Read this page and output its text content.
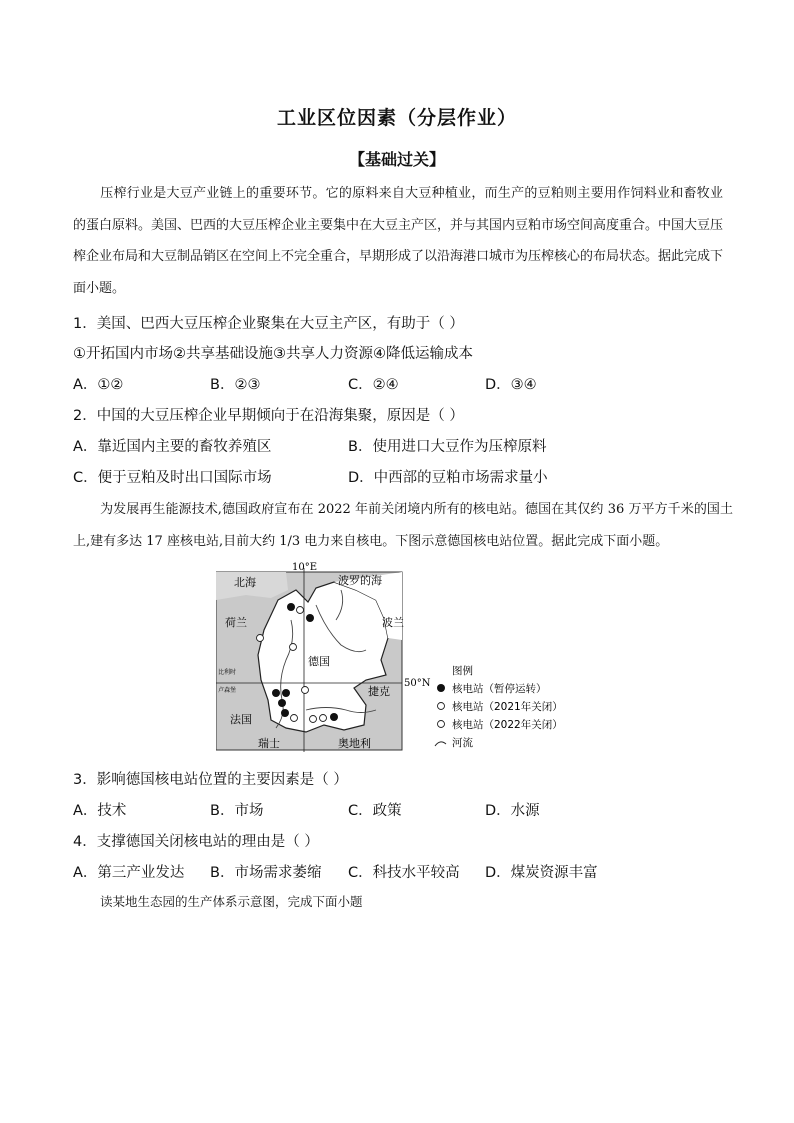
工业区位因素（分层作业）
【基础过关】
压榨行业是大豆产业链上的重要环节。它的原料来自大豆种植业，而生产的豆粕则主要用作饲料业和畜牧业的蛋白原料。美国、巴西的大豆压榨企业主要集中在大豆主产区，并与其国内豆粕市场空间高度重合。中国大豆压榨企业布局和大豆制品销区在空间上不完全重合，早期形成了以沿海港口城市为压榨核心的布局状态。据此完成下面小题。
1．美国、巴西大豆压榨企业聚集在大豆主产区，有助于（ ）
①开拓国内市场②共享基础设施③共享人力资源④降低运输成本
A．①②	B．②③	C．②④	D．③④
2．中国的大豆压榨企业早期倾向于在沿海集聚，原因是（ ）
A．靠近国内主要的畜牧养殖区	B．使用进口大豆作为压榨原料
C．便于豆粕及时出口国际市场	D．中西部的豆粕市场需求量小
为发展再生能源技术,德国政府宣布在 2022 年前关闭境内所有的核电站。德国在其仅约 36 万平方千米的国土上,建有多达 17 座核电站,目前大约 1/3 电力来自核电。下图示意德国核电站位置。据此完成下面小题。
北海	波罗的海
荷兰	波兰
德国
捷克
比利时
卢森堡
法国
瑞士	奥地利
10°E
50°N
图例
核电站（暂停运转）
核电站（2021年关闭）
核电站（2022年关闭）
河流
3．影响德国核电站位置的主要因素是（ ）
A．技术	B．市场	C．政策	D．水源
4．支撑德国关闭核电站的理由是（ ）
A．第三产业发达 B．市场需求萎缩 C．科技水平较高 D．煤炭资源丰富
读某地生态园的生产体系示意图，完成下面小题
